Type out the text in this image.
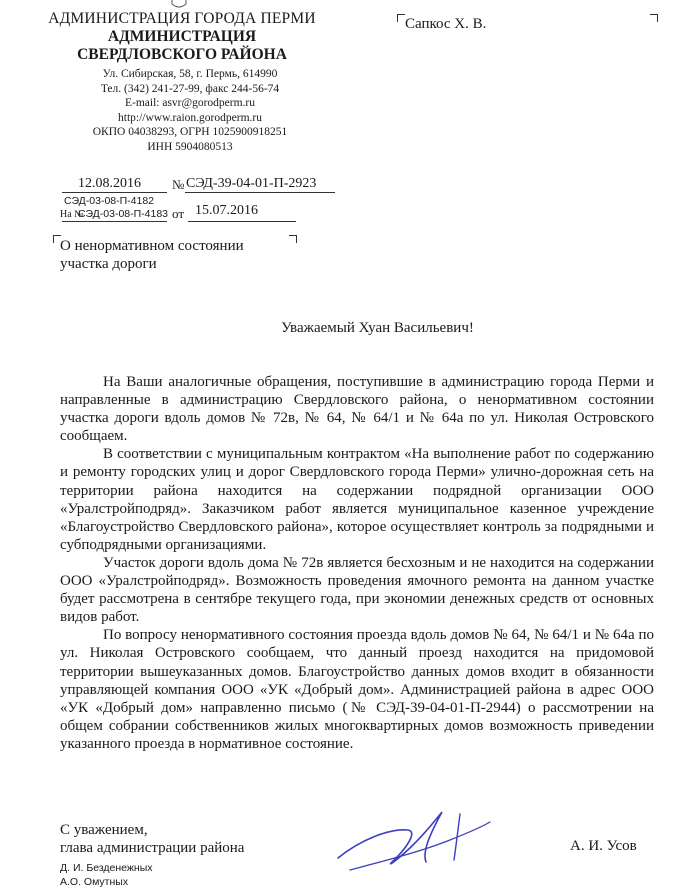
АДМИНИСТРАЦИЯ ГОРОДА ПЕРМИ
АДМИНИСТРАЦИЯ
СВЕРДЛОВСКОГО РАЙОНА
Ул. Сибирская, 58, г. Пермь, 614990
Тел. (342) 241-27-99, факс 244-56-74
E-mail: asvr@gorodperm.ru
http://www.raion.gorodperm.ru
ОКПО 04038293, ОГРН 1025900918251
ИНН 5904080513
Сапкос Х. В.
12.08.2016 № СЭД-39-04-01-П-2923
СЭД-03-08-П-4182
СЭД-03-08-П-4183
На №	от 15.07.2016
О ненормативном состоянии
участка дороги
Уважаемый Хуан Васильевич!

На Ваши аналогичные обращения, поступившие в администрацию города Перми и направленные в администрацию Свердловского района, о ненормативном состоянии участка дороги вдоль домов № 72в, № 64, № 64/1 и № 64а по ул. Николая Островского сообщаем.

В соответствии с муниципальным контрактом «На выполнение работ по содержанию и ремонту городских улиц и дорог Свердловского города Перми» улично-дорожная сеть на территории района находится на содержании подрядной организации ООО «Уралстройподряд». Заказчиком работ является муниципальное казенное учреждение «Благоустройство Свердловского района», которое осуществляет контроль за подрядными и субподрядными организациями.

Участок дороги вдоль дома № 72в является бесхозным и не находится на содержании ООО «Уралстройподряд». Возможность проведения ямочного ремонта на данном участке будет рассмотрена в сентябре текущего года, при экономии денежных средств от основных видов работ.

По вопросу ненормативного состояния проезда вдоль домов № 64, № 64/1 и № 64а по ул. Николая Островского сообщаем, что данный проезд находится на придомовой территории вышеуказанных домов. Благоустройство данных домов входит в обязанности управляющей компания ООО «УК «Добрый дом». Администрацией района в адрес ООО «УК «Добрый дом» направленно письмо (№ СЭД-39-04-01-П-2944) о рассмотрении на общем собрании собственников жилых многоквартирных домов возможность приведении указанного проезда в нормативное состояние.

С уважением,
глава администрации района	А. И. Усов
Д. И. Безденежных
А.О. Омутных
